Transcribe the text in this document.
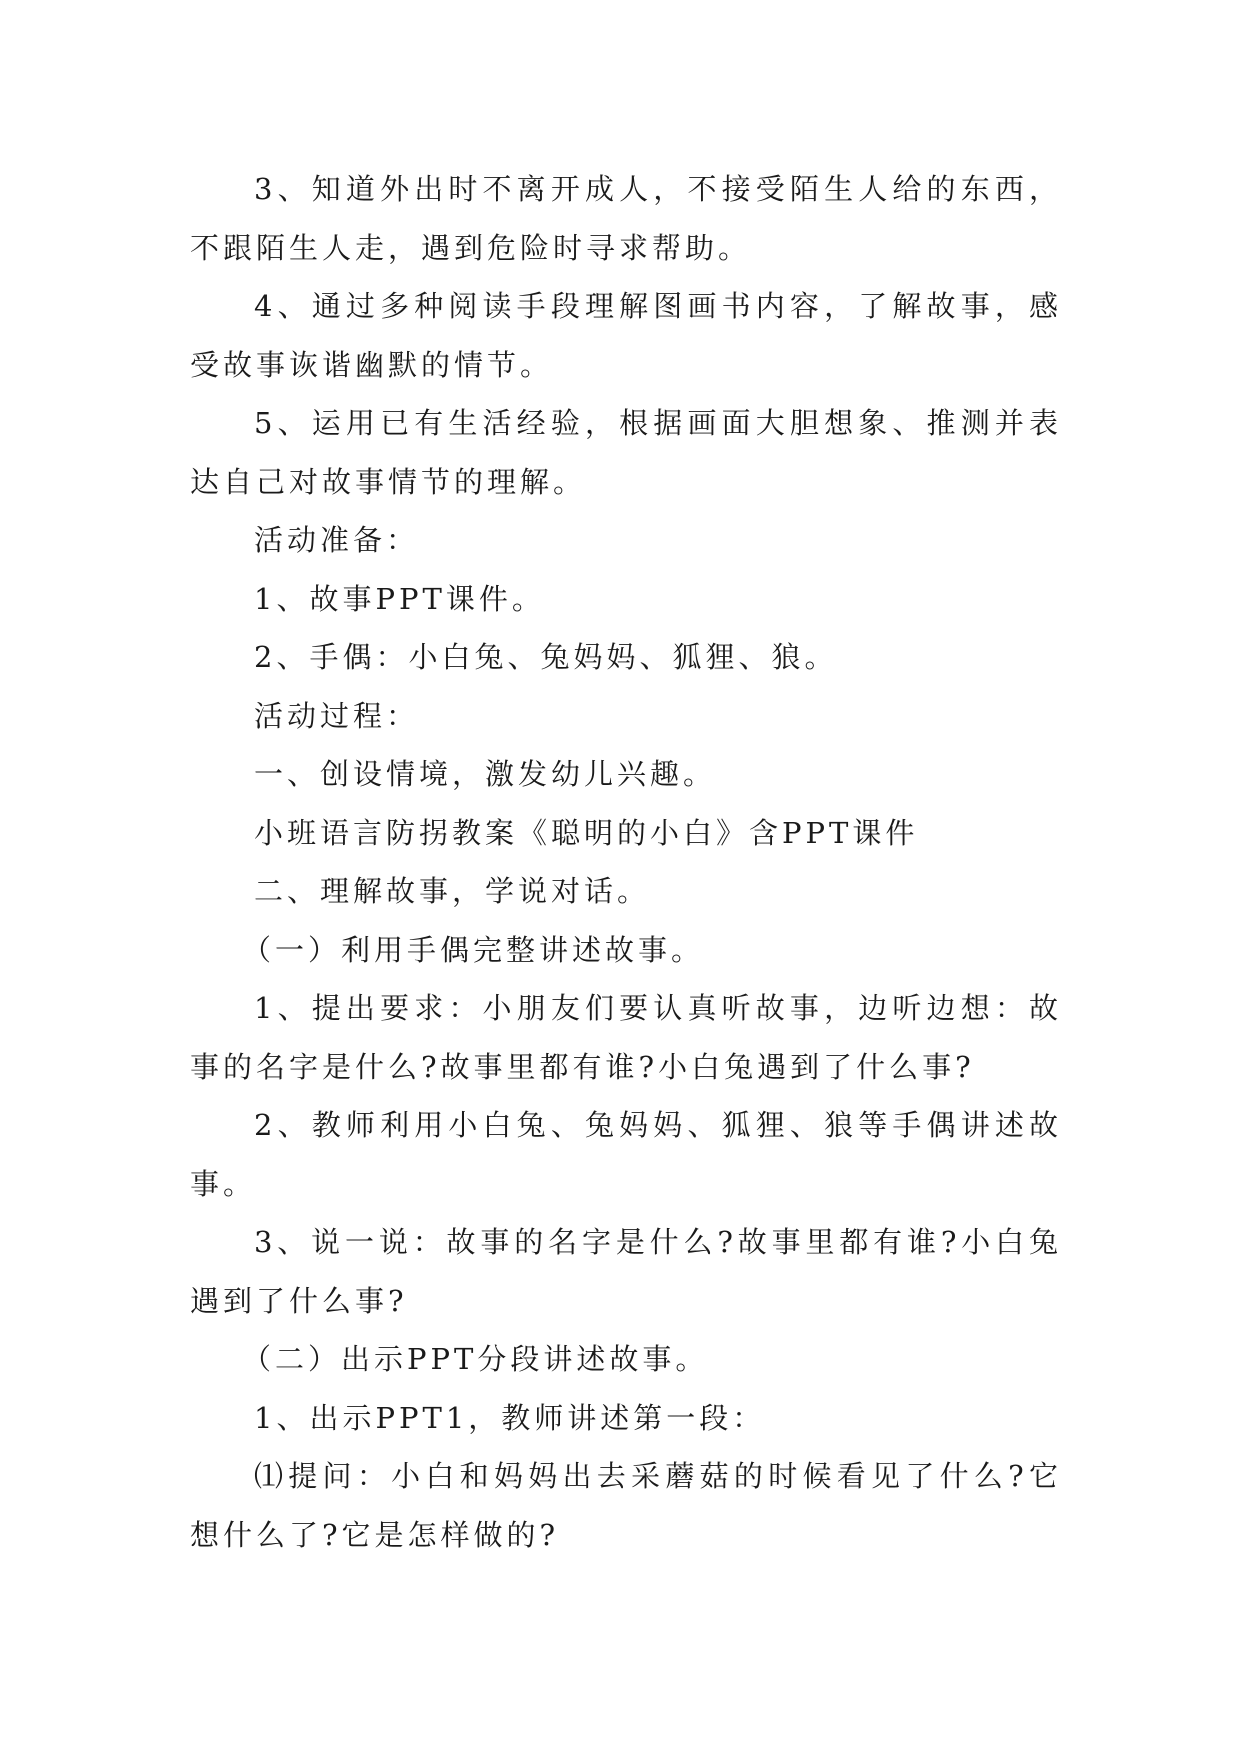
3、知道外出时不离开成人，不接受陌生人给的东西，不跟陌生人走，遇到危险时寻求帮助。

4、通过多种阅读手段理解图画书内容，了解故事，感受故事诙谐幽默的情节。

5、运用已有生活经验，根据画面大胆想象、推测并表达自己对故事情节的理解。

活动准备：

1、故事PPT课件。

2、手偶：小白兔、兔妈妈、狐狸、狼。

活动过程：

一、创设情境，激发幼儿兴趣。

小班语言防拐教案《聪明的小白》含PPT课件

二、理解故事，学说对话。

（一）利用手偶完整讲述故事。

1、提出要求：小朋友们要认真听故事，边听边想：故事的名字是什么?故事里都有谁?小白兔遇到了什么事?

2、教师利用小白兔、兔妈妈、狐狸、狼等手偶讲述故事。

3、说一说：故事的名字是什么?故事里都有谁?小白兔遇到了什么事?

（二）出示PPT分段讲述故事。

1、出示PPT1，教师讲述第一段：

⑴提问：小白和妈妈出去采蘑菇的时候看见了什么?它想什么了?它是怎样做的?
